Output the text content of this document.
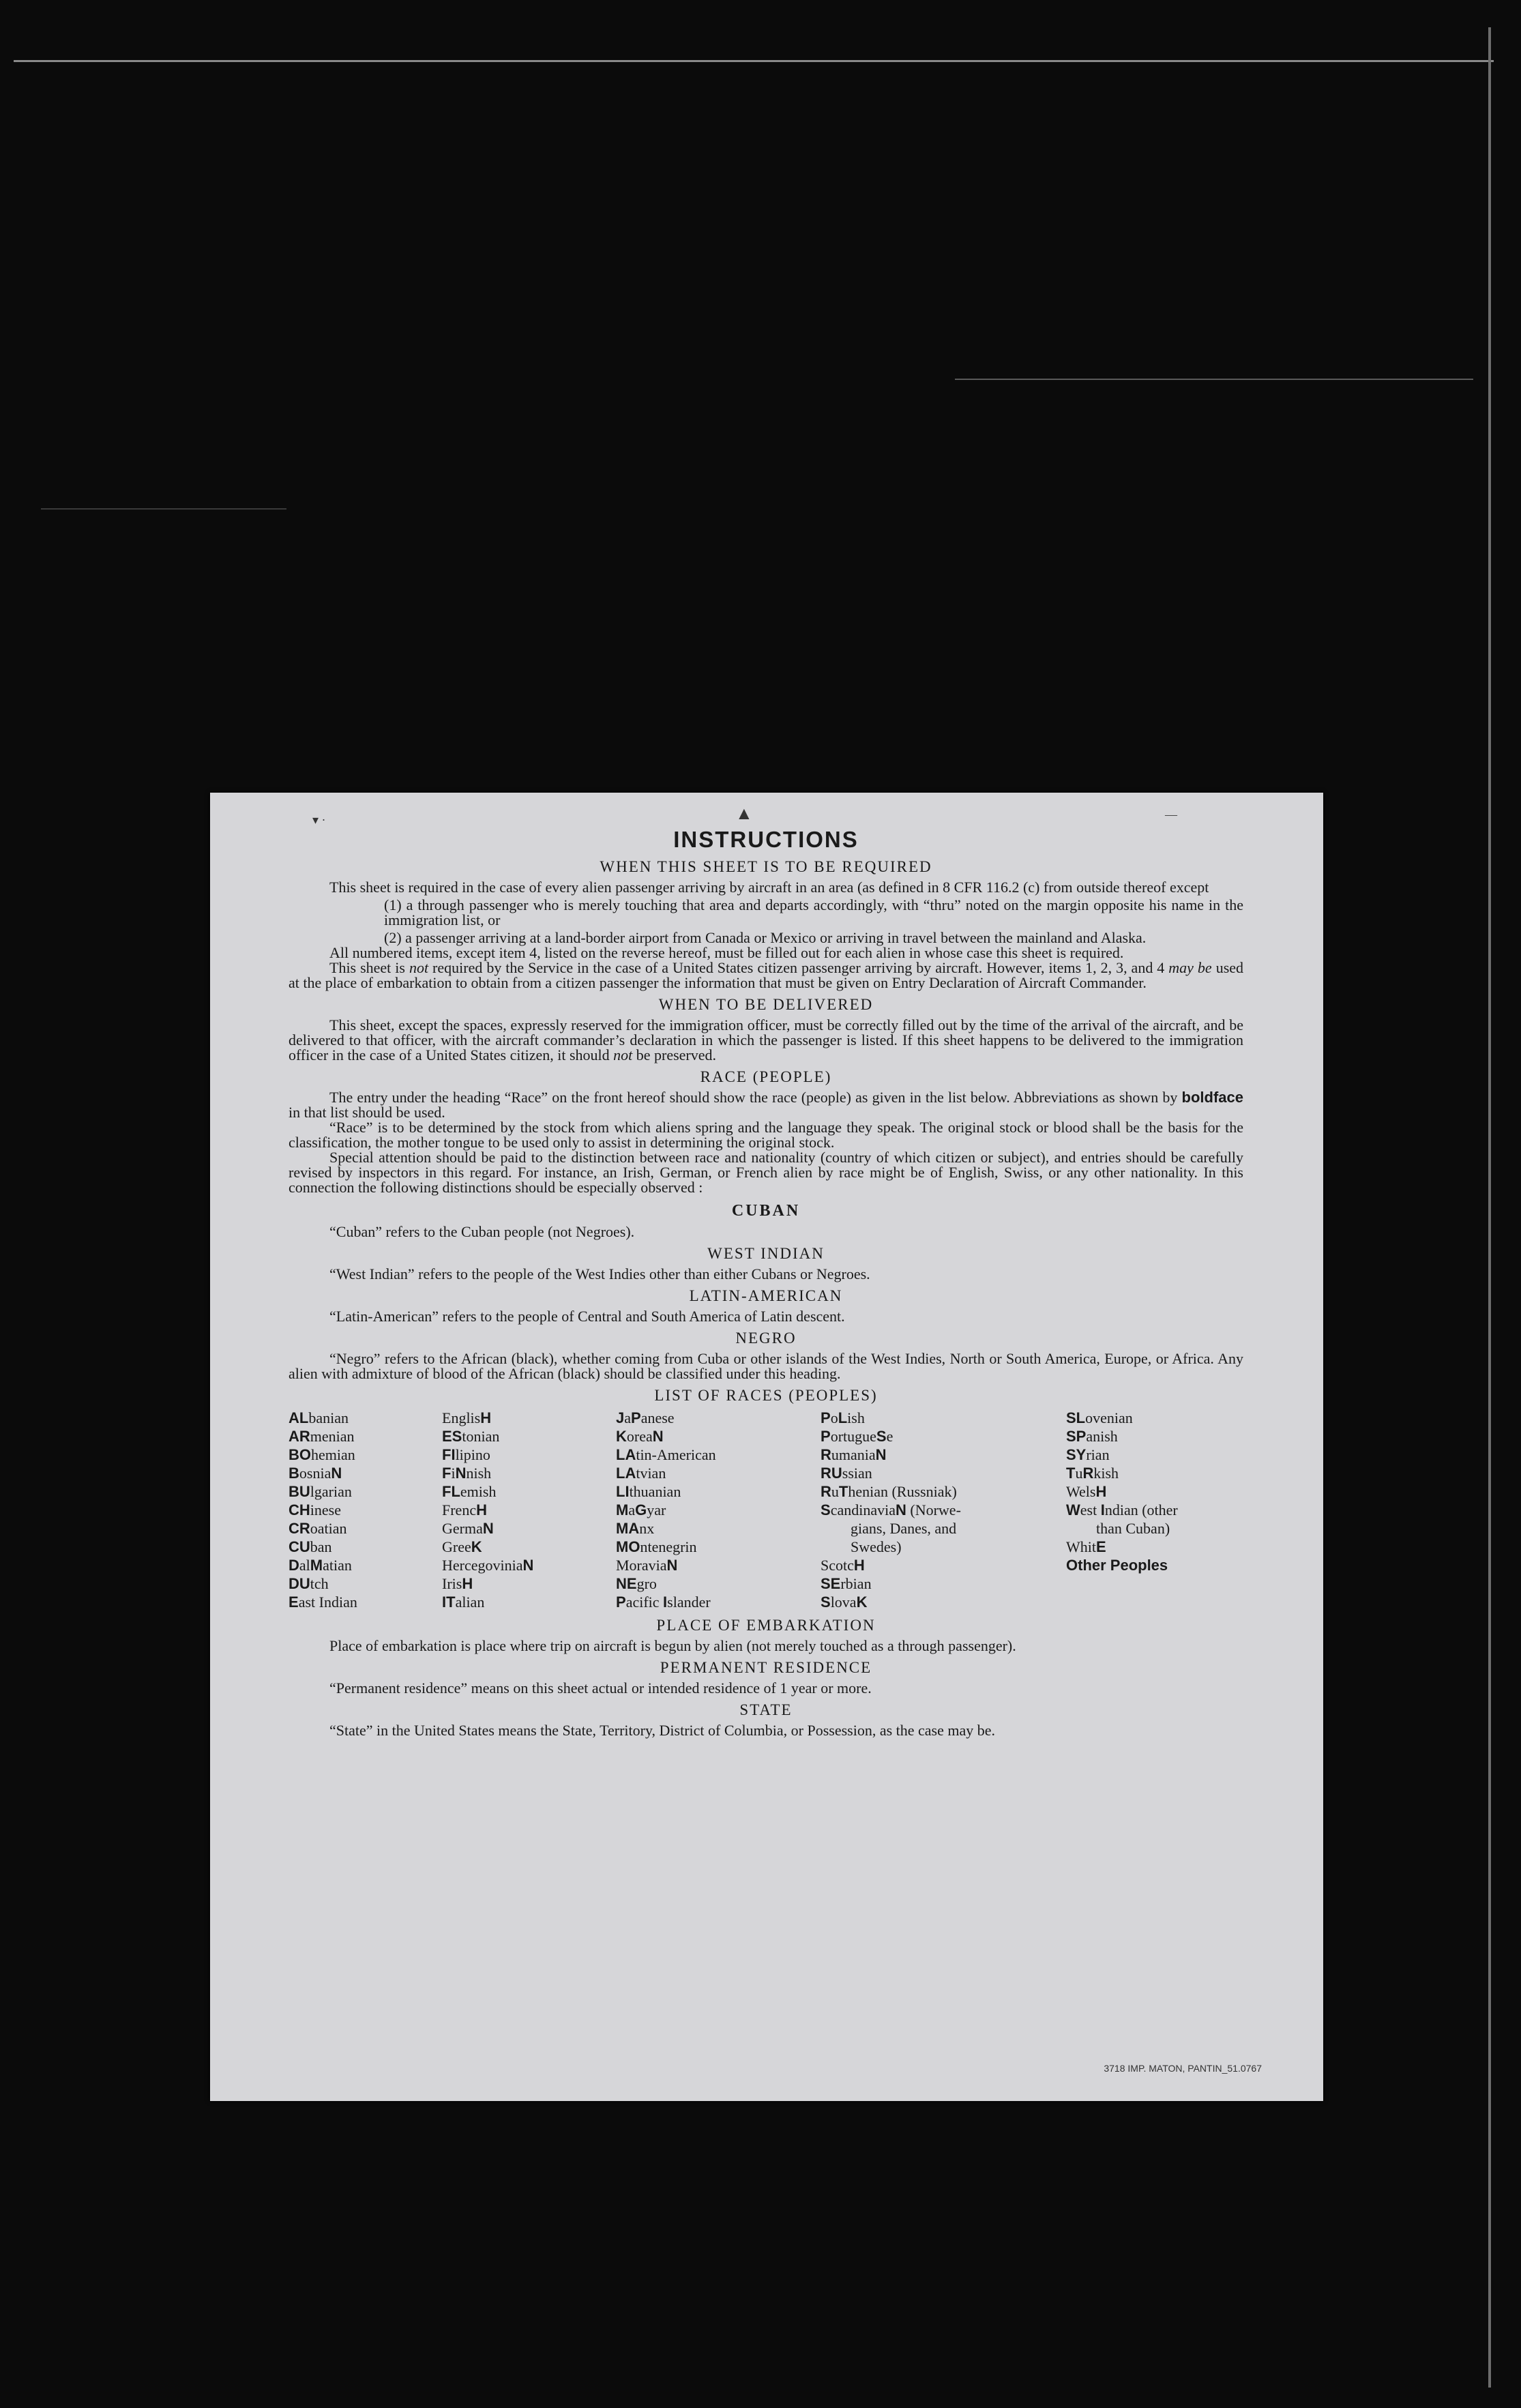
▾ ·	▲	—
INSTRUCTIONS
WHEN THIS SHEET IS TO BE REQUIRED

This sheet is required in the case of every alien passenger arriving by aircraft in an area (as defined in 8 CFR 116.2 (c) from outside thereof except

(1) a through passenger who is merely touching that area and departs accordingly, with “thru” noted on the margin opposite his name in the immigration list, or

(2) a passenger arriving at a land-border airport from Canada or Mexico or arriving in travel between the mainland and Alaska.

All numbered items, except item 4, listed on the reverse hereof, must be filled out for each alien in whose case this sheet is required.

This sheet is not required by the Service in the case of a United States citizen passenger arriving by aircraft. However, items 1, 2, 3, and 4 may be used at the place of embarkation to obtain from a citizen passenger the information that must be given on Entry Declaration of Aircraft Commander.

WHEN TO BE DELIVERED

This sheet, except the spaces, expressly reserved for the immigration officer, must be correctly filled out by the time of the arrival of the aircraft, and be delivered to that officer, with the aircraft commander’s declaration in which the passenger is listed. If this sheet happens to be delivered to the immigration officer in the case of a United States citizen, it should not be preserved.

RACE (PEOPLE)

The entry under the heading “Race” on the front hereof should show the race (people) as given in the list below. Abbreviations as shown by boldface in that list should be used.

“Race” is to be determined by the stock from which aliens spring and the language they speak. The original stock or blood shall be the basis for the classification, the mother tongue to be used only to assist in determining the original stock.

Special attention should be paid to the distinction between race and nationality (country of which citizen or subject), and entries should be carefully revised by inspectors in this regard. For instance, an Irish, German, or French alien by race might be of English, Swiss, or any other nationality. In this connection the following distinctions should be especially observed :

CUBAN

“Cuban” refers to the Cuban people (not Negroes).

WEST INDIAN

“West Indian” refers to the people of the West Indies other than either Cubans or Negroes.

LATIN-AMERICAN

“Latin-American” refers to the people of Central and South America of Latin descent.

NEGRO

“Negro” refers to the African (black), whether coming from Cuba or other islands of the West Indies, North or South America, Europe, or Africa. Any alien with admixture of blood of the African (black) should be classified under this heading.

LIST OF RACES (PEOPLES)
ALbanian
ARmenian
BOhemian
BosniaN
BUlgarian
CHinese
CRoatian
CUban
DalMatian
DUtch
East Indian
EnglisH
EStonian
FIlipino
FiNnish
FLemish
FrencH
GermaN
GreeK
HercegoviniaN
IrisH
ITalian
JaPanese
KoreaN
LAtin-American
LAtvian
LIthuanian
MaGyar
MAnx
MOntenegrin
MoraviaN
NEgro
Pacific Islander
PoLish
PortugueSe
RumaniaN
RUssian
RuThenian (Russniak)
ScandinaviaN (Norwe-
gians, Danes, and
Swedes)
ScotcH
SErbian
SlovaK
SLovenian
SPanish
SYrian
TuRkish
WelsH
West Indian (other
than Cuban)
WhitE
Other Peoples
PLACE OF EMBARKATION

Place of embarkation is place where trip on aircraft is begun by alien (not merely touched as a through passenger).

PERMANENT RESIDENCE

“Permanent residence” means on this sheet actual or intended residence of 1 year or more.

STATE

“State” in the United States means the State, Territory, District of Columbia, or Possession, as the case may be.

3718 IMP. MATON, PANTIN_51.0767
